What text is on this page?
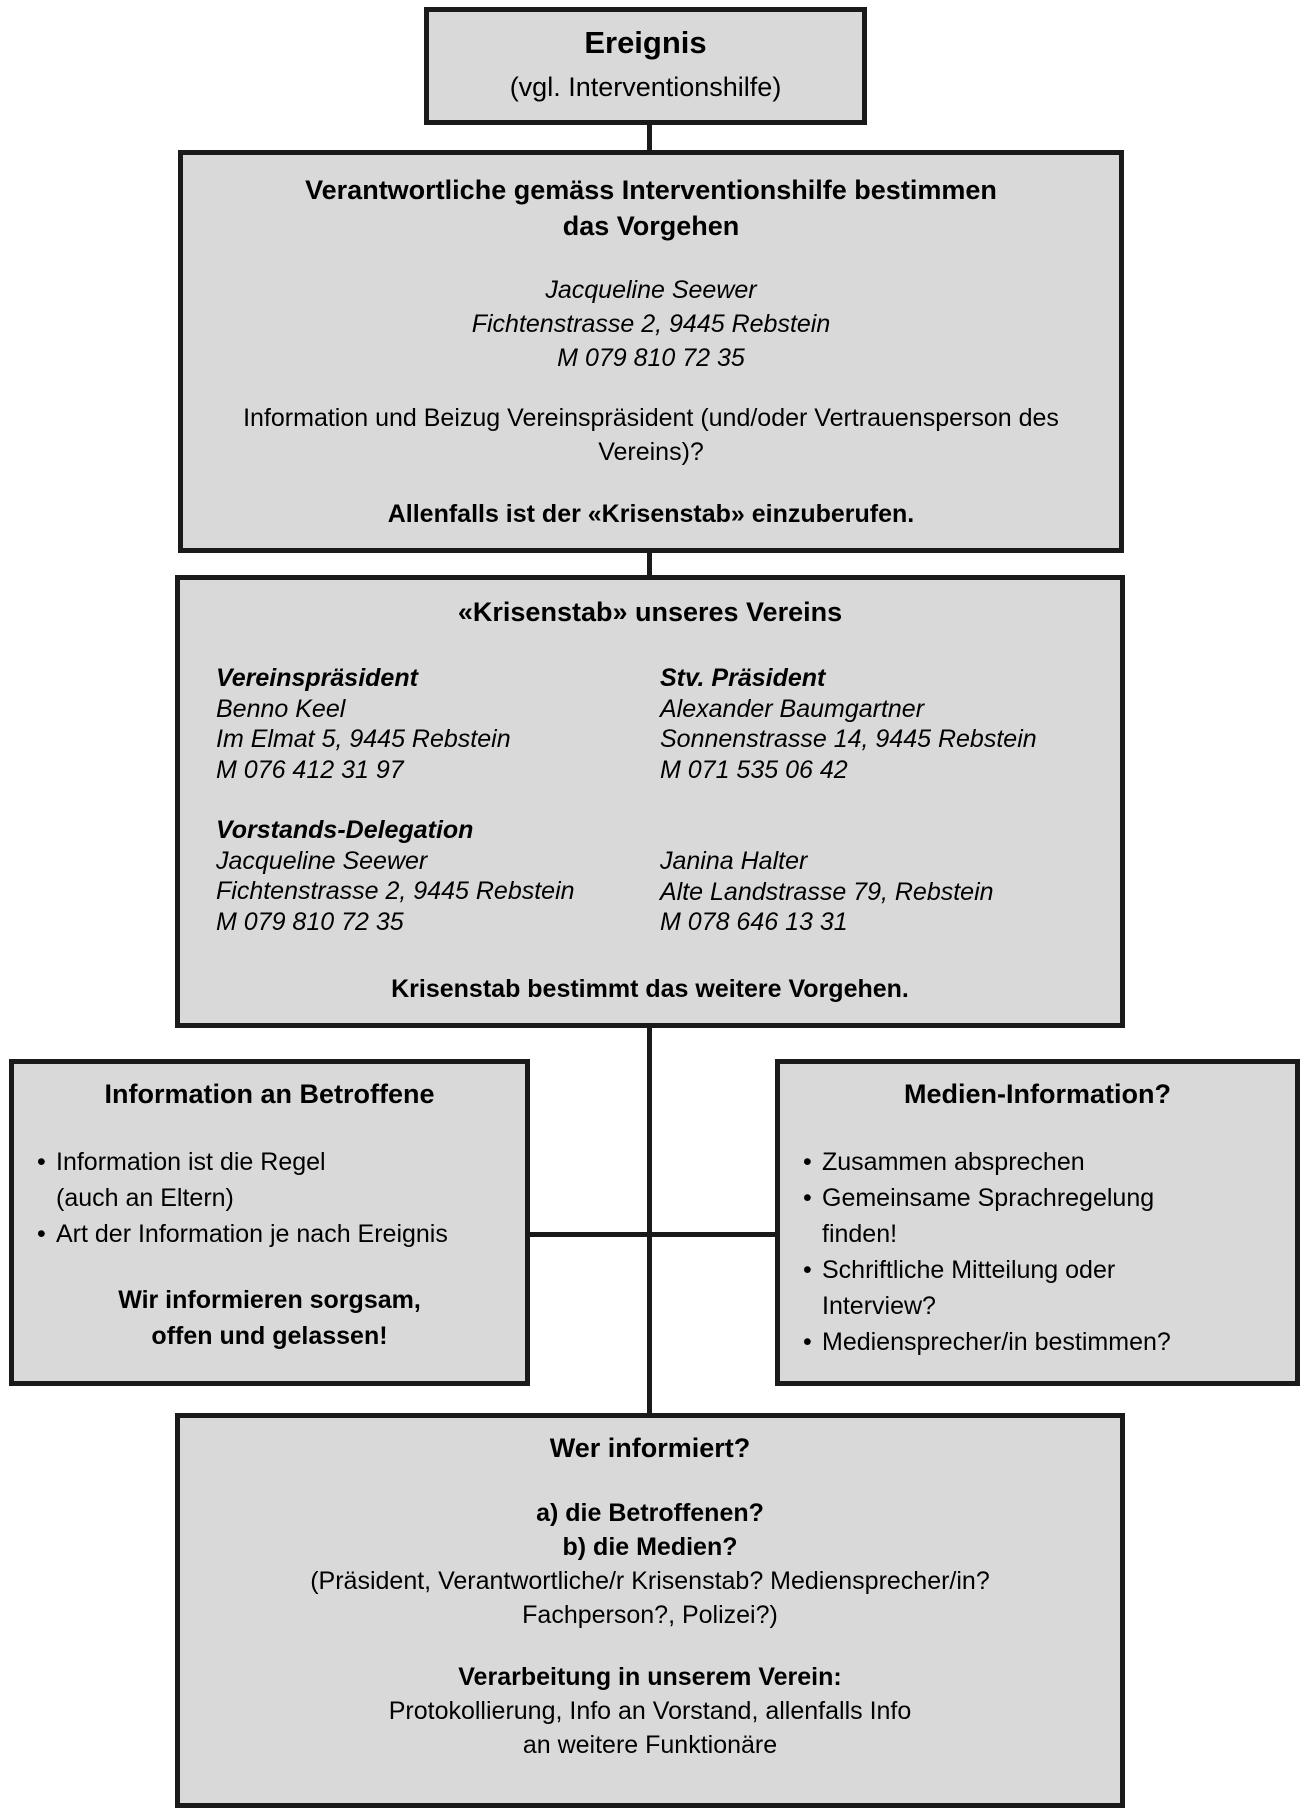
Ereignis
(vgl. Interventionshilfe)
Verantwortliche gemäss Interventionshilfe bestimmen
das Vorgehen
Jacqueline Seewer
Fichtenstrasse 2, 9445 Rebstein
M 079 810 72 35
Information und Beizug Vereinspräsident (und/oder Vertrauensperson des
Vereins)?
Allenfalls ist der «Krisenstab» einzuberufen.
«Krisenstab» unseres Vereins
Vereinspräsident
Benno Keel
Im Elmat 5, 9445 Rebstein
M 076 412 31 97
Stv. Präsident
Alexander Baumgartner
Sonnenstrasse 14, 9445 Rebstein
M 071 535 06 42
Vorstands-Delegation
Jacqueline Seewer
Fichtenstrasse 2, 9445 Rebstein
M 079 810 72 35
Janina Halter
Alte Landstrasse 79, Rebstein
M 078 646 13 31
Krisenstab bestimmt das weitere Vorgehen.
Information an Betroffene
• Information ist die Regel
(auch an Eltern)
• Art der Information je nach Ereignis
Wir informieren sorgsam,
offen und gelassen!
Medien-Information?
• Zusammen absprechen
• Gemeinsame Sprachregelung
finden!
• Schriftliche Mitteilung oder
Interview?
• Mediensprecher/in bestimmen?
Wer informiert?
a) die Betroffenen?
b) die Medien?
(Präsident, Verantwortliche/r Krisenstab? Mediensprecher/in?
Fachperson?, Polizei?)
Verarbeitung in unserem Verein:
Protokollierung, Info an Vorstand, allenfalls Info
an weitere Funktionäre
